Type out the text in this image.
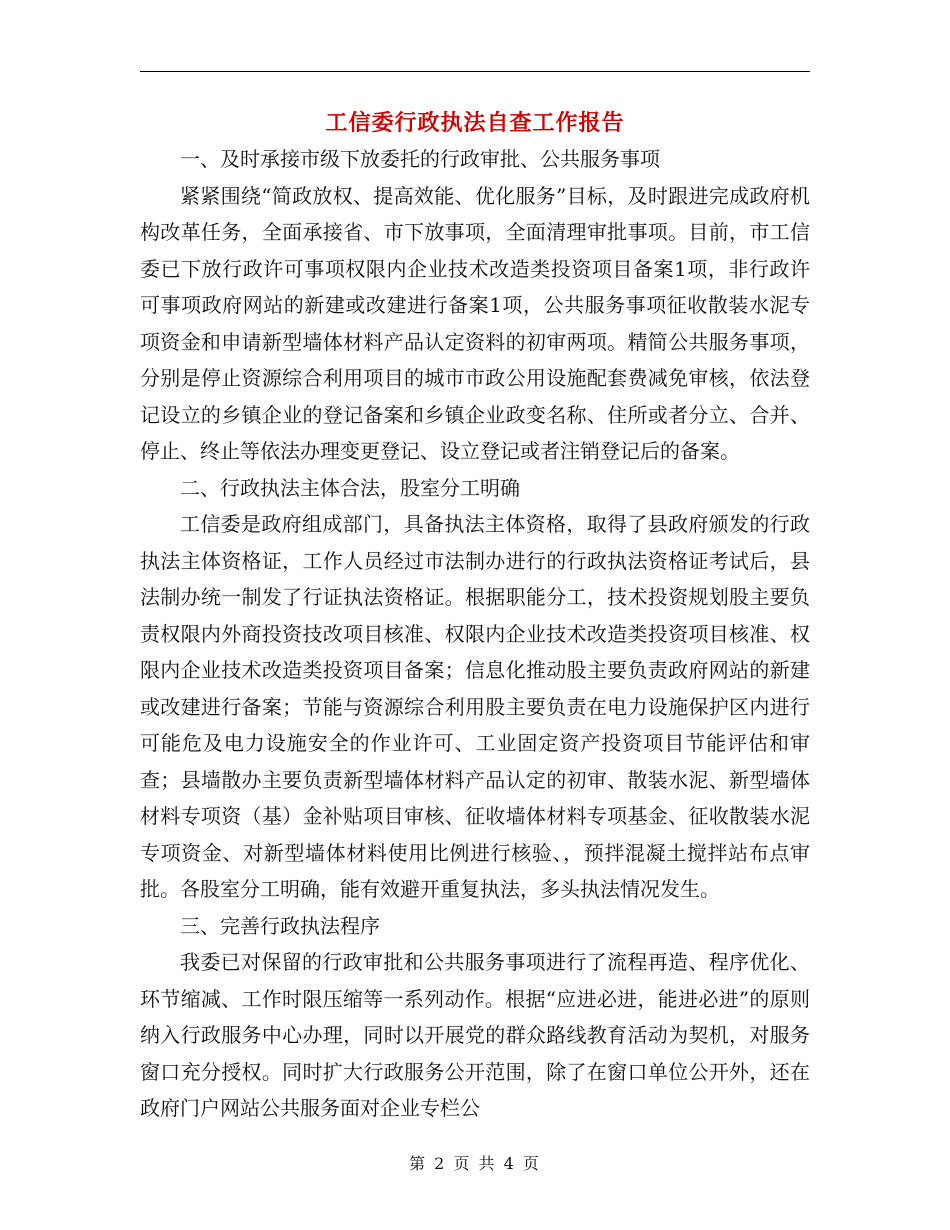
工信委行政执法自查工作报告

一、及时承接市级下放委托的行政审批、公共服务事项

紧紧围绕“简政放权、提高效能、优化服务”目标，及时跟进完成政府机构改革任务，全面承接省、市下放事项，全面清理审批事项。目前，市工信委已下放行政许可事项权限内企业技术改造类投资项目备案1项，非行政许可事项政府网站的新建或改建进行备案1项，公共服务事项征收散装水泥专项资金和申请新型墙体材料产品认定资料的初审两项。精简公共服务事项，分别是停止资源综合利用项目的城市市政公用设施配套费减免审核，依法登记设立的乡镇企业的登记备案和乡镇企业政变名称、住所或者分立、合并、停止、终止等依法办理变更登记、设立登记或者注销登记后的备案。

二、行政执法主体合法，股室分工明确

工信委是政府组成部门，具备执法主体资格，取得了县政府颁发的行政执法主体资格证，工作人员经过市法制办进行的行政执法资格证考试后，县法制办统一制发了行证执法资格证。根据职能分工，技术投资规划股主要负责权限内外商投资技改项目核准、权限内企业技术改造类投资项目核准、权限内企业技术改造类投资项目备案；信息化推动股主要负责政府网站的新建或改建进行备案；节能与资源综合利用股主要负责在电力设施保护区内进行可能危及电力设施安全的作业许可、工业固定资产投资项目节能评估和审查；县墙散办主要负责新型墙体材料产品认定的初审、散装水泥、新型墙体材料专项资（基）金补贴项目审核、征收墙体材料专项基金、征收散装水泥专项资金、对新型墙体材料使用比例进行核验、，预拌混凝土搅拌站布点审批。各股室分工明确，能有效避开重复执法，多头执法情况发生。

三、完善行政执法程序

我委已对保留的行政审批和公共服务事项进行了流程再造、程序优化、环节缩减、工作时限压缩等一系列动作。根据“应进必进，能进必进”的原则纳入行政服务中心办理，同时以开展党的群众路线教育活动为契机，对服务窗口充分授权。同时扩大行政服务公开范围，除了在窗口单位公开外，还在政府门户网站公共服务面对企业专栏公

第 2 页 共 4 页
